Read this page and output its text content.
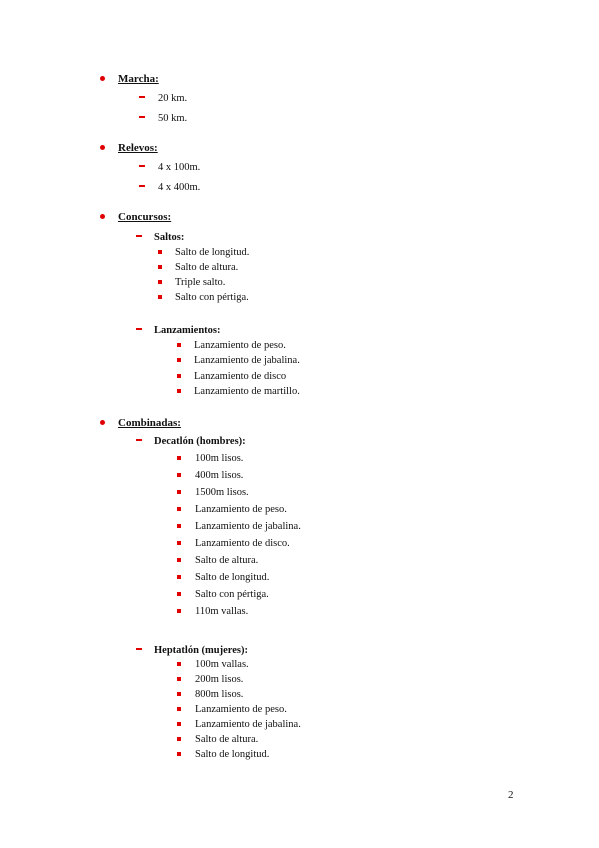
Marcha:
20 km.
50 km.
Relevos:
4 x 100m.
4 x 400m.
Concursos:
Saltos:
Salto de longitud.
Salto de altura.
Triple salto.
Salto con pértiga.
Lanzamientos:
Lanzamiento de peso.
Lanzamiento de jabalina.
Lanzamiento de disco
Lanzamiento de martillo.
Combinadas:
Decatlón (hombres):
100m lisos.
400m lisos.
1500m lisos.
Lanzamiento de peso.
Lanzamiento de jabalina.
Lanzamiento de disco.
Salto de altura.
Salto de longitud.
Salto con pértiga.
110m vallas.
Heptatlón (mujeres):
100m vallas.
200m lisos.
800m lisos.
Lanzamiento de peso.
Lanzamiento de jabalina.
Salto de altura.
Salto de longitud.
2
